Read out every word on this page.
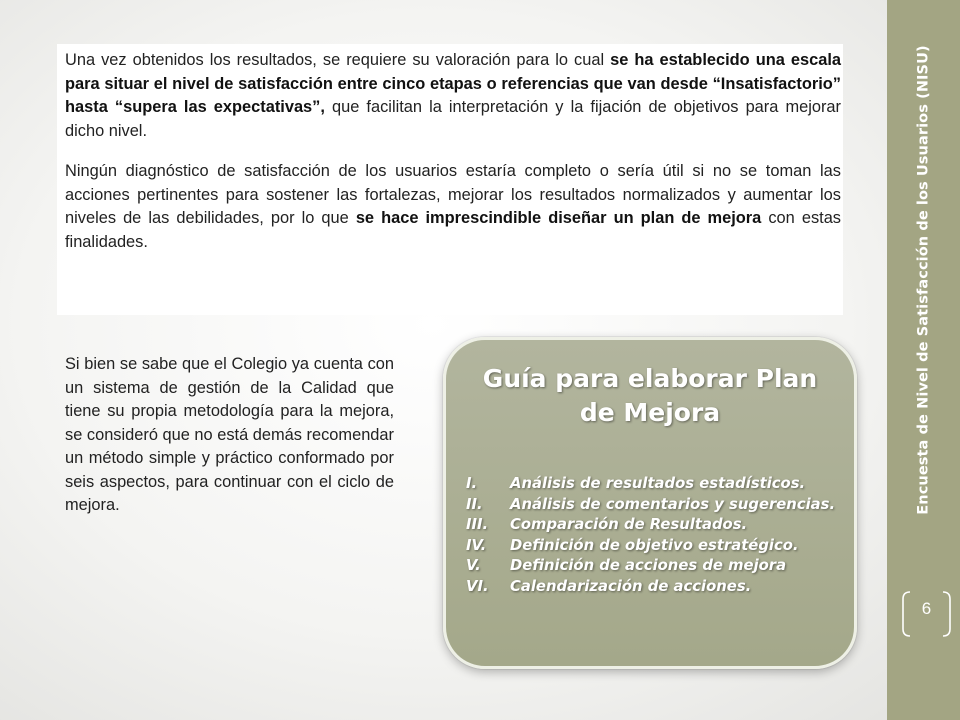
Una vez obtenidos los resultados, se requiere su valoración para lo cual se ha establecido una escala para situar el nivel de satisfacción entre cinco etapas o referencias que van desde “Insatisfactorio” hasta “supera las expectativas”, que facilitan la interpretación y la fijación de objetivos para mejorar dicho nivel.

Ningún diagnóstico de satisfacción de los usuarios estaría completo o sería útil si no se toman las acciones pertinentes para sostener las fortalezas, mejorar los resultados normalizados y aumentar los niveles de las debilidades, por lo que se hace imprescindible diseñar un plan de mejora con estas finalidades.

Si bien se sabe que el Colegio ya cuenta con un sistema de gestión de la Calidad que tiene su propia metodología para la mejora, se consideró que no está demás recomendar un método simple y práctico conformado por seis aspectos, para continuar con el ciclo de mejora.

Guía para elaborar Plan
de Mejora
I.	Análisis de resultados estadísticos.
II.	Análisis de comentarios y sugerencias.
III.	Comparación de Resultados.
IV.	Definición de objetivo estratégico.
V.	Definición de acciones de mejora
VI.	Calendarización de acciones.
Encuesta de Nivel de Satisfacción de los Usuarios (NISU)
6
